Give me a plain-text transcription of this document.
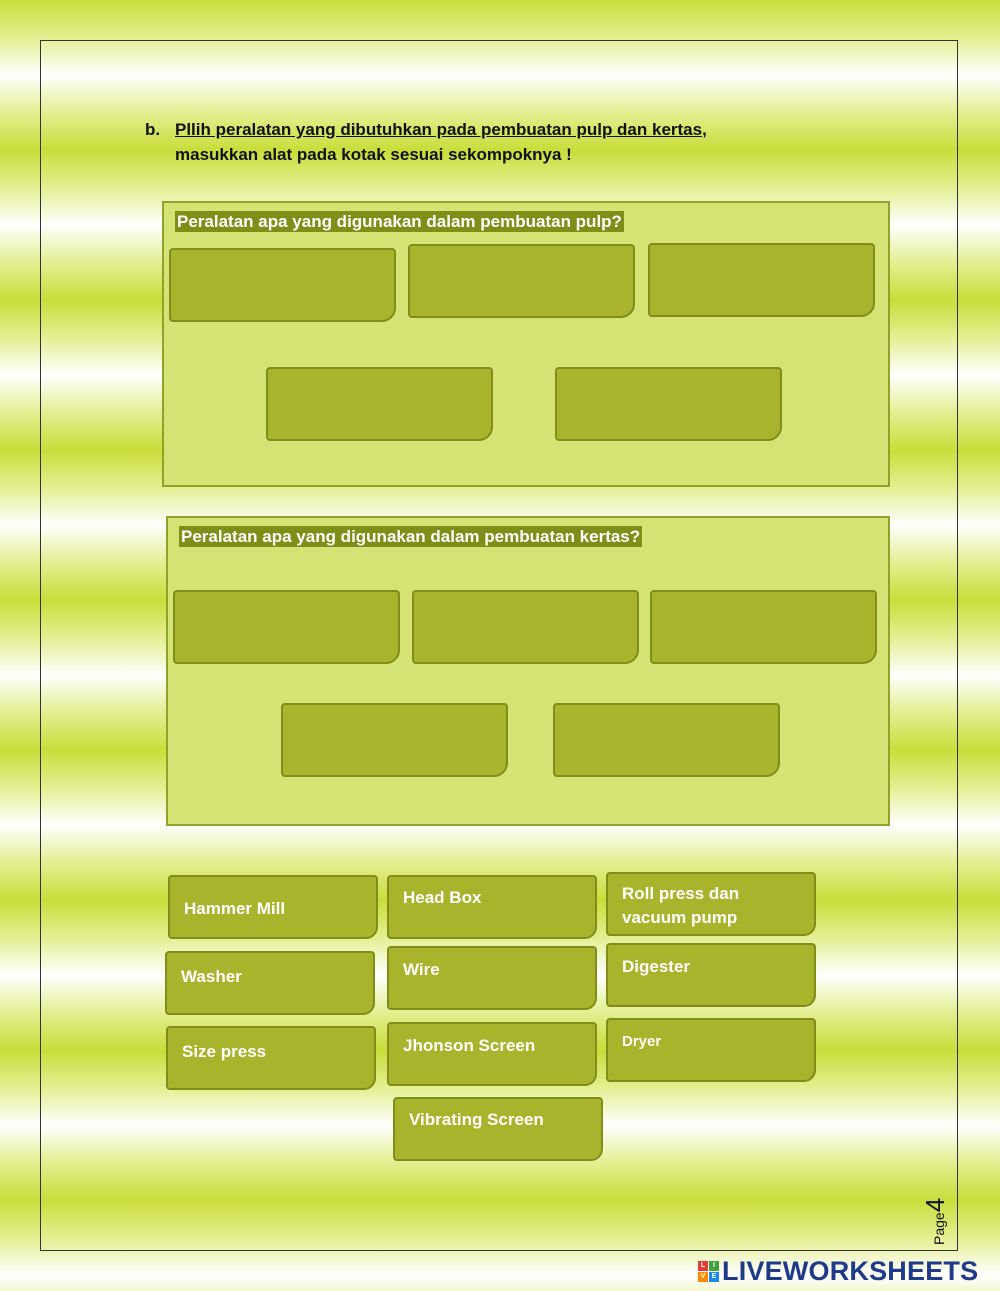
b. Pllih peralatan yang dibutuhkan pada pembuatan pulp dan kertas,
masukkan alat pada kotak sesuai sekompoknya !
Peralatan apa yang digunakan dalam pembuatan pulp?
Peralatan apa yang digunakan dalam pembuatan kertas?
Hammer Mill
Head Box	Roll press dan vacuum pump
Washer	Wire	Digester
Size press	Jhonson Screen	Dryer
Vibrating Screen
Page4
L	I
V E LIVEWORKSHEETS
